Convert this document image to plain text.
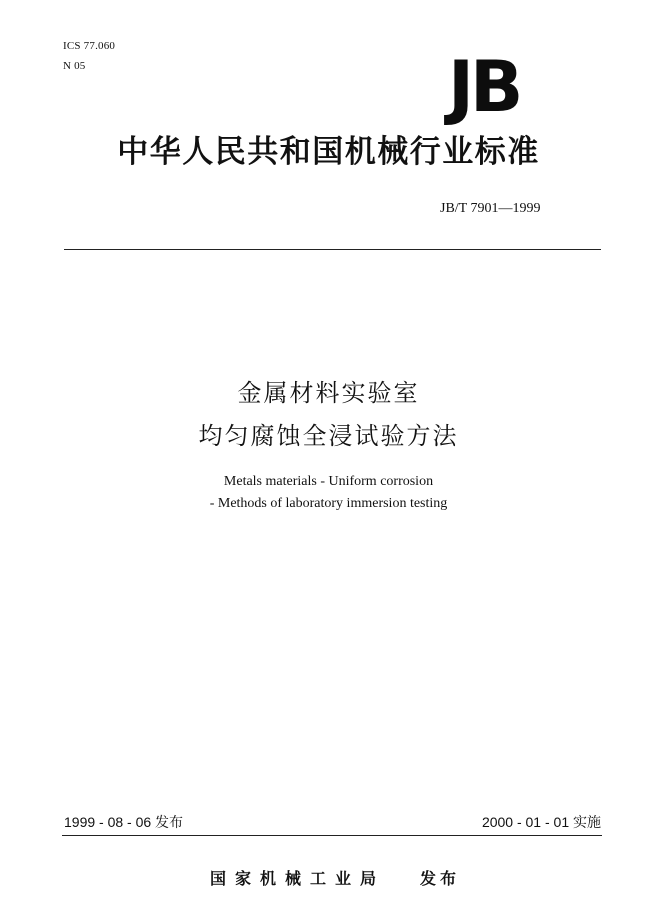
ICS 77.060
N 05	JB
中华人民共和国机械行业标准
JB/T 7901—1999
金属材料实验室
均匀腐蚀全浸试验方法
Metals materials - Uniform corrosion
- Methods of laboratory immersion testing
1999 - 08 - 06 发布	2000 - 01 - 01 实施
国家机械工业局 发布
